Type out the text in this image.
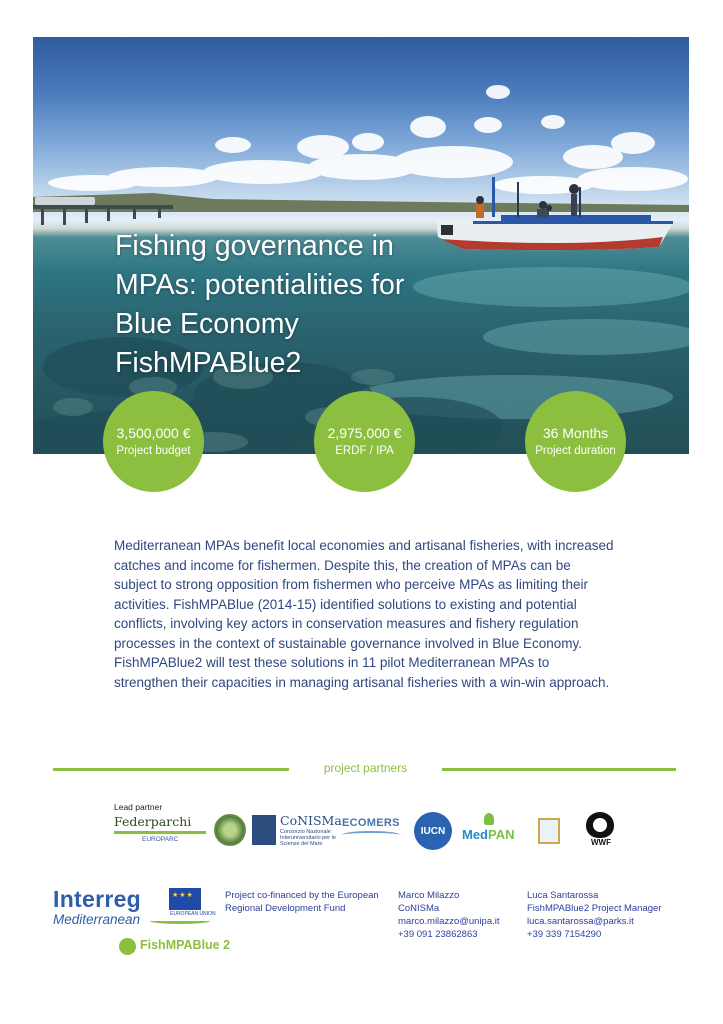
Fishing governance in
MPAs: potentialities for
Blue Economy
FishMPABlue2
3,500,000 €
Project budget
2,975,000 €
ERDF / IPA
36 Months
Project duration

Mediterranean MPAs benefit local economies and artisanal fisheries, with increased catches and income for fishermen. Despite this, the creation of MPAs can be subject to strong opposition from fishermen who perceive MPAs as limiting their activities. FishMPABlue (2014-15) identified solutions to existing and potential conflicts, involving key actors in conservation measures and fishery regulation processes in the context of sustainable governance involved in Blue Economy. FishMPABlue2 will test these solutions in 11 pilot Mediterranean MPAs to strengthen their capacities in managing artisanal fisheries with a win-win approach.

project partners
Lead partner
Federparchi
EUROPARC
CoNISMa
Consorzio Nazionale Interuniversitario per le Scienze del Mare
ECOMERS
IUCN	MedPAN
WWF
Interreg
★★★
EUROPEAN UNION
Mediterranean
FishMPABlue 2
Project co-financed by the European
Regional Development Fund
Marco Milazzo
CoNISMa
marco.milazzo@unipa.it
+39 091 23862863
Luca Santarossa
FishMPABlue2 Project Manager
luca.santarossa@parks.it
+39 339 7154290
